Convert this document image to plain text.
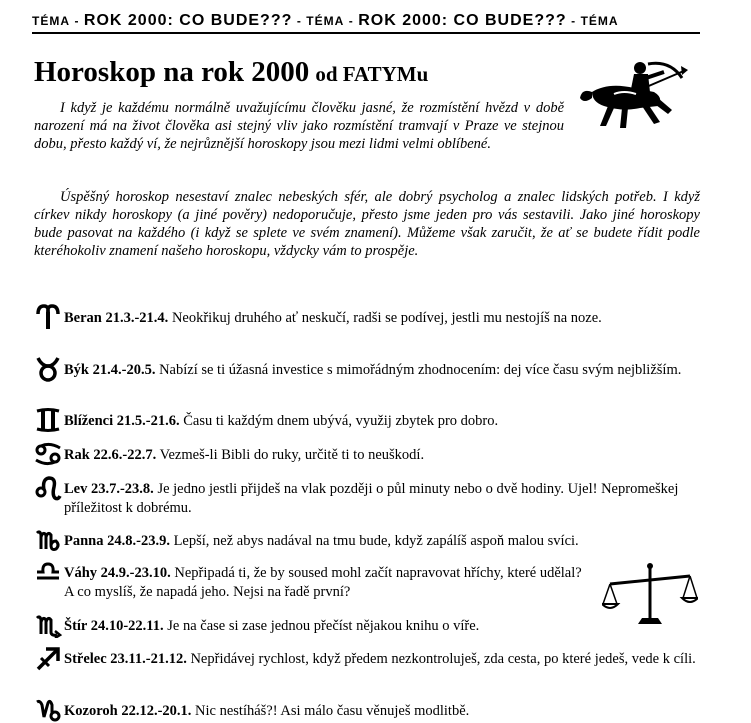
TÉMA - ROK 2000: CO BUDE??? - TÉMA - ROK 2000: CO BUDE??? - TÉMA
Horoskop na rok 2000 od FATYMu

I když je každému normálně uvažujícímu člověku jasné, že rozmístění hvězd v době narození má na život člověka asi stejný vliv jako rozmístění tramvají v Praze ve stejnou dobu, přesto každý ví, že nejrůznější horoskopy jsou mezi lidmi velmi oblíbené.

Úspěšný horoskop nesestaví znalec nebeských sfér, ale dobrý psycholog a znalec lidských potřeb. I když církev nikdy horoskopy (a jiné pověry) nedoporučuje, přesto jsme jeden pro vás sestavili. Jako jiné horoskopy bude pasovat na každého (i když se splete ve svém znamení). Můžeme však zaručit, že ať se budete řídit podle kteréhokoliv znamení našeho horoskopu, vždycky vám to prospěje.

Beran 21.3.-21.4. Neokřikuj druhého ať neskučí, radši se podívej, jestli mu nestojíš na noze.
Býk 21.4.-20.5. Nabízí se ti úžasná investice s mimořádným zhodnocením: dej více času svým nejbližším.
Blíženci 21.5.-21.6. Času ti každým dnem ubývá, využij zbytek pro dobro.
Rak 22.6.-22.7. Vezmeš-li Bibli do ruky, určitě ti to neuškodí.
Lev 23.7.-23.8. Je jedno jestli přijdeš na vlak později o půl minuty nebo o dvě hodiny. Ujel! Nepromeškej příležitost k dobrému.
Panna 24.8.-23.9. Lepší, než abys nadával na tmu bude, když zapálíš aspoň malou svíci.
Váhy 24.9.-23.10. Nepřipadá ti, že by soused mohl začít napravovat hříchy, které udělal? A co myslíš, že napadá jeho. Nejsi na řadě první?
Štír 24.10-22.11. Je na čase si zase jednou přečíst nějakou knihu o víře.
Střelec 23.11.-21.12. Nepřidávej rychlost, když předem nezkontroluješ, zda cesta, po které jedeš, vede k cíli.
Kozoroh 22.12.-20.1. Nic nestíháš?! Asi málo času věnuješ modlitbě.
